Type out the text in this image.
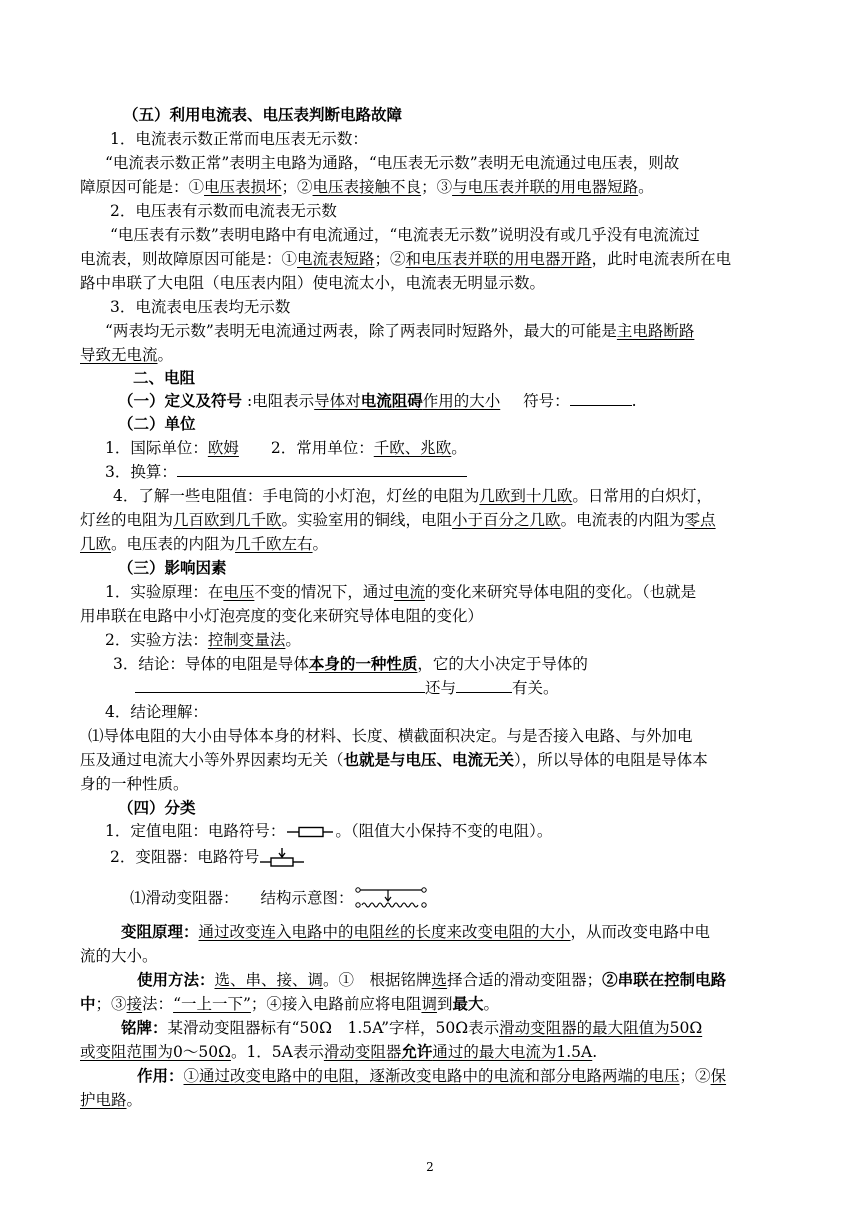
（五）利用电流表、电压表判断电路故障
1．电流表示数正常而电压表无示数：
“电流表示数正常”表明主电路为通路，“电压表无示数”表明无电流通过电压表，则故
障原因可能是：①电压表损坏；②电压表接触不良；③与电压表并联的用电器短路。
2．电压表有示数而电流表无示数
“电压表有示数”表明电路中有电流通过，“电流表无示数”说明没有或几乎没有电流流过
电流表，则故障原因可能是：①电流表短路；②和电压表并联的用电器开路，此时电流表所在电
路中串联了大电阻（电压表内阻）使电流太小，电流表无明显示数。
3．电流表电压表均无示数
“两表均无示数”表明无电流通过两表，除了两表同时短路外，最大的可能是主电路断路
导致无电流。
二、电阻
（一）定义及符号 :电阻表示导体对电流阻碍作用的大小 符号：	.
（二）单位
1．国际单位：欧姆 2．常用单位：千欧、兆欧。
3．换算：
4．了解一些电阻值：手电筒的小灯泡，灯丝的电阻为几欧到十几欧。日常用的白炽灯，
灯丝的电阻为几百欧到几千欧。实验室用的铜线，电阻小于百分之几欧。电流表的内阻为零点
几欧。电压表的内阻为几千欧左右。
（三）影响因素
1．实验原理：在电压不变的情况下，通过电流的变化来研究导体电阻的变化。（也就是
用串联在电路中小灯泡亮度的变化来研究导体电阻的变化）
2．实验方法：控制变量法。
3．结论：导体的电阻是导体本身的一种性质，它的大小决定于导体的
还与	有关。
4．结论理解：
⑴导体电阻的大小由导体本身的材料、长度、横截面积决定。与是否接入电路、与外加电
压及通过电流大小等外界因素均无关（也就是与电压、电流无关），所以导体的电阻是导体本
身的一种性质。
（四）分类
1．定值电阻：电路符号：	。（阻值大小保持不变的电阻）。
2．变阻器：电路符号
⑴滑动变阻器： 结构示意图：
变阻原理：通过改变连入电路中的电阻丝的长度来改变电阻的大小，从而改变电路中电
流的大小。
使用方法：选、串、接、调。①　根据铭牌选择合适的滑动变阻器；②串联在控制电路
中；③接法：“一上一下”；④接入电路前应将电阻调到最大。
铭牌：某滑动变阻器标有“50Ω　1.5A”字样，50Ω表示滑动变阻器的最大阻值为50Ω
或变阻范围为0～50Ω。1．5A表示滑动变阻器允许通过的最大电流为1.5A.
作用：①通过改变电路中的电阻，逐渐改变电路中的电流和部分电路两端的电压；②保
护电路。
2
